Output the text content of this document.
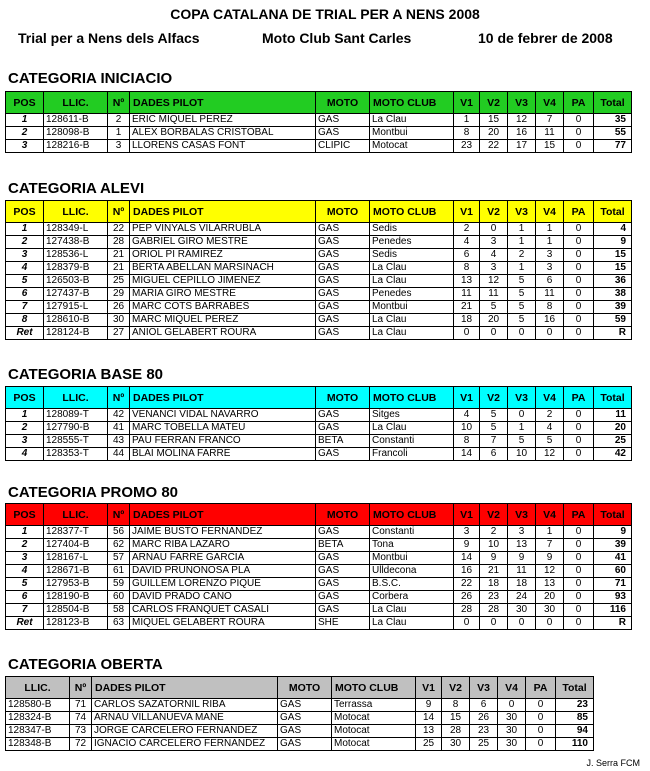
COPA CATALANA DE TRIAL PER A NENS 2008
Trial per a Nens dels Alfacs	Moto Club Sant Carles	10 de febrer de 2008
CATEGORIA INICIACIO
POS	LLIC.	Nº	DADES PILOT	MOTO	MOTO CLUB	V1	V2	V3	V4	PA	Total
1	128611-B	2	ERIC MIQUEL PEREZ	GAS	La Clau	1	15	12	7	0	35
2	128098-B	1	ALEX BORBALAS CRISTOBAL	GAS	Montbui	8	20	16	11	0	55
3	128216-B	3	LLORENS CASAS FONT	CLIPIC	Motocat	23	22	17	15	0	77
CATEGORIA ALEVI
POS	LLIC.	Nº	DADES PILOT	MOTO	MOTO CLUB	V1	V2	V3	V4	PA	Total
1	128349-L	22	PEP VINYALS VILARRUBLA	GAS	Sedis	2	0	1	1	0	4
2	127438-B	28	GABRIEL GIRO MESTRE	GAS	Penedes	4	3	1	1	0	9
3	128536-L	21	ORIOL PI RAMIREZ	GAS	Sedis	6	4	2	3	0	15
4	128379-B	21	BERTA ABELLAN MARSIÑACH	GAS	La Clau	8	3	1	3	0	15
5	126503-B	25	MIGUEL CEPILLO JIMENEZ	GAS	La Clau	13	12	5	6	0	36
6	127437-B	29	MARIA GIRO MESTRE	GAS	Penedes	11	11	5	11	0	38
7	127915-L	26	MARC COTS BARRABES	GAS	Montbui	21	5	5	8	0	39
8	128610-B	30	MARC MIQUEL PEREZ	GAS	La Clau	18	20	5	16	0	59
Ret	128124-B	27	ANIOL GELABERT ROURA	GAS	La Clau	0	0	0	0	0	R
CATEGORIA BASE 80
POS	LLIC.	Nº	DADES PILOT	MOTO	MOTO CLUB	V1	V2	V3	V4	PA	Total
1	128089-T	42	VENANCI VIDAL NAVARRO	GAS	Sitges	4	5	0	2	0	11
2	127790-B	41	MARC TOBELLA MATEU	GAS	La Clau	10	5	1	4	0	20
3	128555-T	43	PAU FERRAN FRANCO	BETA	Constanti	8	7	5	5	0	25
4	128353-T	44	BLAI MOLINA FARRE	GAS	Francoli	14	6	10	12	0	42
CATEGORIA PROMO 80
POS	LLIC.	Nº	DADES PILOT	MOTO	MOTO CLUB	V1	V2	V3	V4	PA	Total
1	128377-T	56	JAIME BUSTO FERNANDEZ	GAS	Constanti	3	2	3	1	0	9
2	127404-B	62	MARC RIBA LAZARO	BETA	Tona	9	10	13	7	0	39
3	128167-L	57	ARNAU FARRE GARCIA	GAS	Montbui	14	9	9	9	0	41
4	128671-B	61	DAVID PRUNONOSA PLA	GAS	Ulldecona	16	21	11	12	0	60
5	127953-B	59	GUILLEM LORENZO PIQUE	GAS	B.S.C.	22	18	18	13	0	71
6	128190-B	60	DAVID PRADO CANO	GAS	Corbera	26	23	24	20	0	93
7	128504-B	58	CARLOS FRANQUET CASALI	GAS	La Clau	28	28	30	30	0	116
Ret	128123-B	63	MIQUEL GELABERT ROURA	SHE	La Clau	0	0	0	0	0	R
CATEGORIA OBERTA
LLIC.	Nº	DADES PILOT	MOTO	MOTO CLUB	V1	V2	V3	V4	PA	Total
128580-B	71	CARLOS SAZATORNIL RIBA	GAS	Terrassa	9	8	6	0	0	23
128324-B	74	ARNAU VILLANUEVA MANE	GAS	Motocat	14	15	26	30	0	85
128347-B	73	JORGE CARCELERO FERNANDEZ	GAS	Motocat	13	28	23	30	0	94
128348-B	72	IGNACIO CARCELERO FERNANDEZ	GAS	Motocat	25	30	25	30	0	110
J. Serra FCM
